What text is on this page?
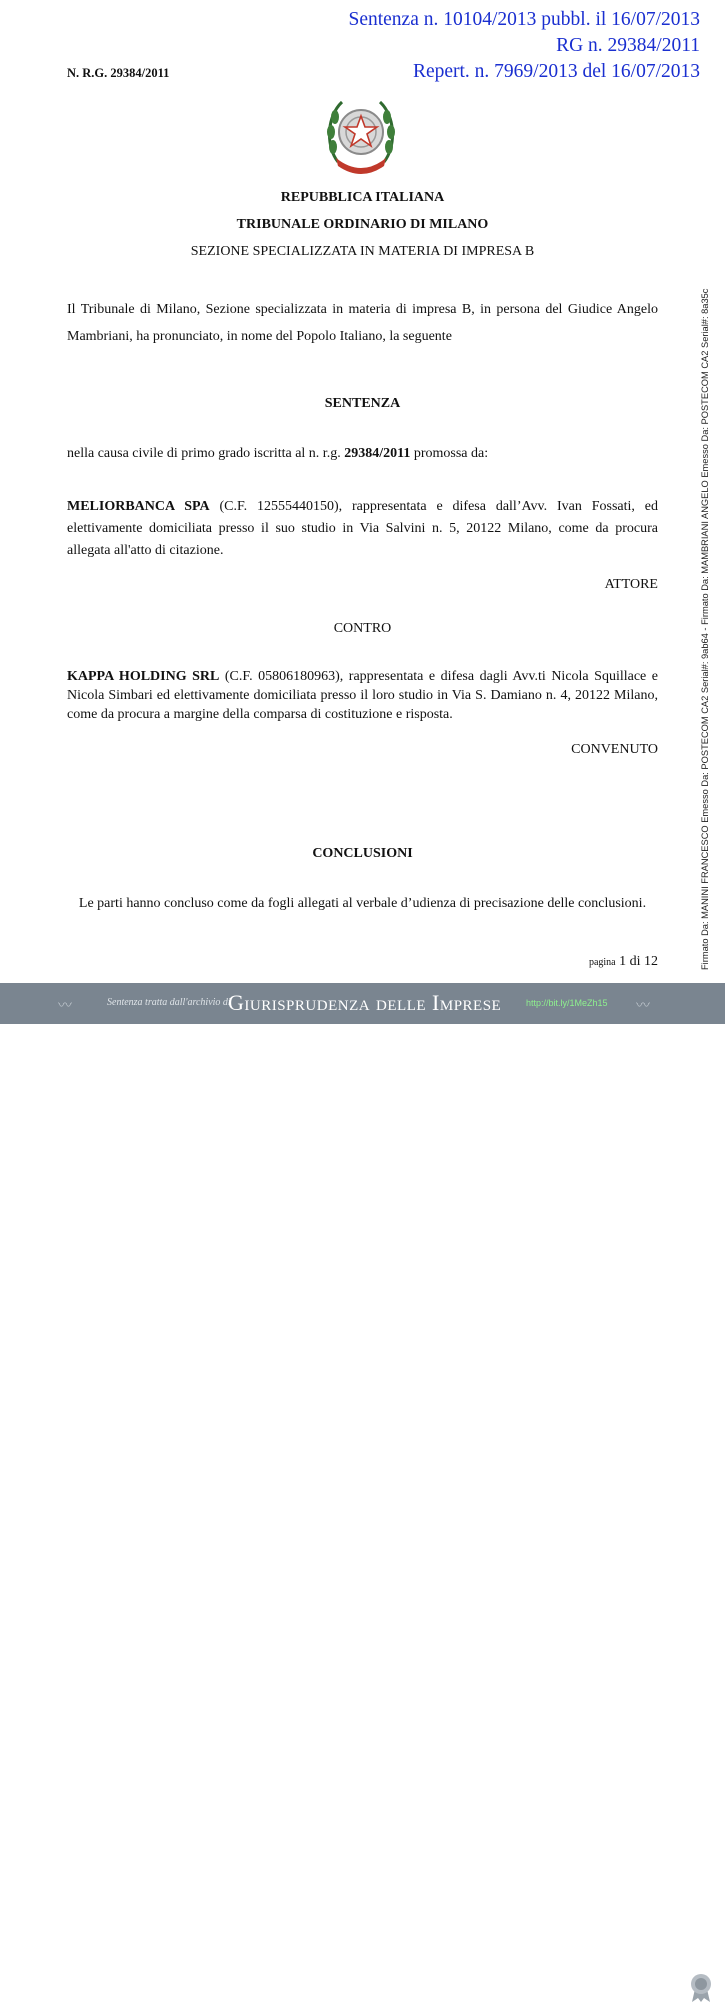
Sentenza n. 10104/2013 pubbl. il 16/07/2013
RG n. 29384/2011
Repert. n. 7969/2013 del 16/07/2013
N. R.G. 29384/2011
REPUBBLICA ITALIANA
TRIBUNALE ORDINARIO DI MILANO
SEZIONE SPECIALIZZATA IN MATERIA DI IMPRESA B
Il Tribunale di Milano, Sezione specializzata in materia di impresa B, in persona del Giudice Angelo Mambriani, ha pronunciato, in nome del Popolo Italiano, la seguente
SENTENZA
nella causa civile di primo grado iscritta al n. r.g. 29384/2011 promossa da:
MELIORBANCA SPA (C.F. 12555440150), rappresentata e difesa dall’Avv. Ivan Fossati, ed elettivamente domiciliata presso il suo studio in Via Salvini n. 5, 20122 Milano, come da procura allegata all'atto di citazione.
ATTORE
CONTRO
KAPPA HOLDING SRL (C.F. 05806180963), rappresentata e difesa dagli Avv.ti Nicola Squillace e Nicola Simbari ed elettivamente domiciliata presso il loro studio in Via S. Damiano n. 4, 20122 Milano, come da procura a margine della comparsa di costituzione e risposta.
CONVENUTO
CONCLUSIONI
Le parti hanno concluso come da fogli allegati al verbale d’udienza di precisazione delle conclusioni.
pagina 1 di 12	Firmato Da: MANINI FRANCESCO Emesso Da: POSTECOM CA2 Serial#: 9ab64 - Firmato Da: MAMBRIANI ANGELO Emesso Da: POSTECOM CA2 Serial#: 8a35c
〰	Sentenza tratta dall'archivio di
Giurisprudenza delle Imprese	http://bit.ly/1MeZh15 〰
